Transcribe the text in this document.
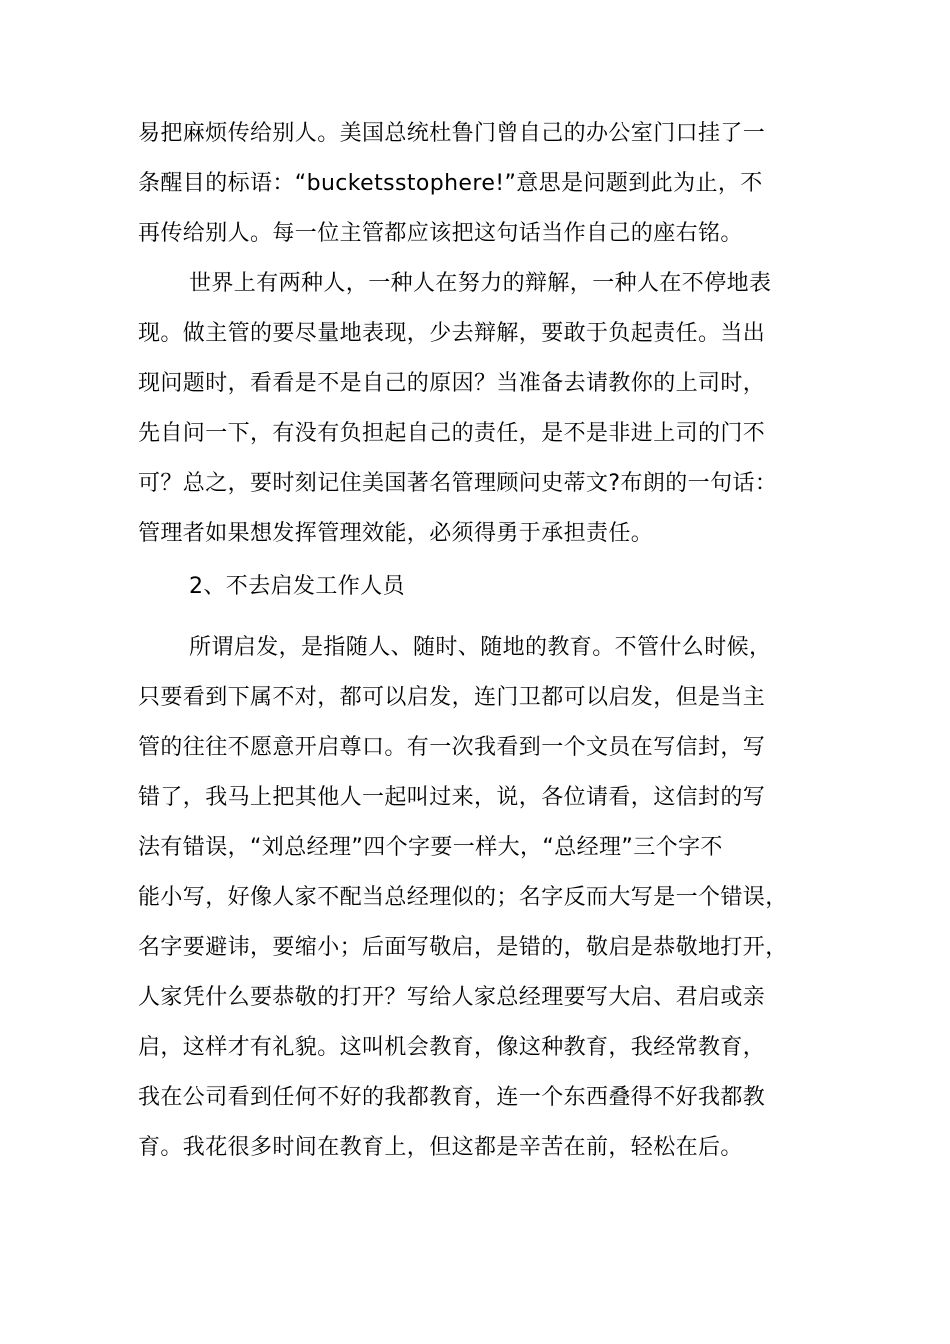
易把麻烦传给别人。美国总统杜鲁门曾自己的办公室门口挂了一
条醒目的标语：“bucketsstophere!”意思是问题到此为止，不
再传给别人。每一位主管都应该把这句话当作自己的座右铭。
世界上有两种人，一种人在努力的辩解，一种人在不停地表
现。做主管的要尽量地表现，少去辩解，要敢于负起责任。当出
现问题时，看看是不是自己的原因？当准备去请教你的上司时，
先自问一下，有没有负担起自己的责任，是不是非进上司的门不
可？总之，要时刻记住美国著名管理顾问史蒂文?布朗的一句话：
管理者如果想发挥管理效能，必须得勇于承担责任。
2、不去启发工作人员
所谓启发，是指随人、随时、随地的教育。不管什么时候，
只要看到下属不对，都可以启发，连门卫都可以启发，但是当主
管的往往不愿意开启尊口。有一次我看到一个文员在写信封，写
错了，我马上把其他人一起叫过来，说，各位请看，这信封的写
法有错误，“刘总经理”四个字要一样大，“总经理”三个字不
能小写，好像人家不配当总经理似的；名字反而大写是一个错误，
名字要避讳，要缩小；后面写敬启，是错的，敬启是恭敬地打开，
人家凭什么要恭敬的打开？写给人家总经理要写大启、君启或亲
启，这样才有礼貌。这叫机会教育，像这种教育，我经常教育，
我在公司看到任何不好的我都教育，连一个东西叠得不好我都教
育。我花很多时间在教育上，但这都是辛苦在前，轻松在后。
